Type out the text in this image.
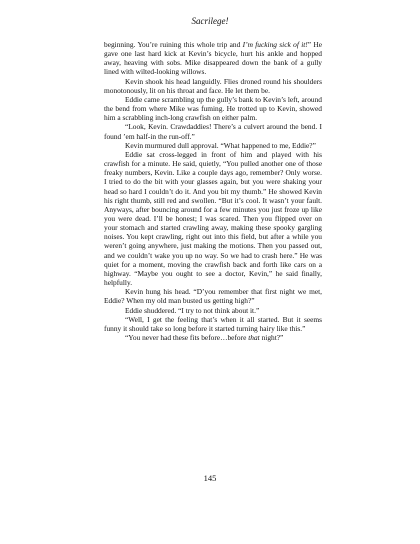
Sacrilege!

beginning. You’re ruining this whole trip and I’m fucking sick of it!” He gave one last hard kick at Kevin’s bicycle, hurt his ankle and hopped away, heaving with sobs. Mike disappeared down the bank of a gully lined with wilted-looking willows.

Kevin shook his head languidly. Flies droned round his shoulders monotonously, lit on his throat and face. He let them be.

Eddie came scrambling up the gully’s bank to Kevin’s left, around the bend from where Mike was fuming. He trotted up to Kevin, showed him a scrabbling inch-long crawfish on either palm.

“Look, Kevin. Crawdaddies! There’s a culvert around the bend. I found ’em half-in the run-off.”

Kevin murmured dull approval. “What happened to me, Eddie?”

Eddie sat cross-legged in front of him and played with his crawfish for a minute. He said, quietly, “You pulled another one of those freaky numbers, Kevin. Like a couple days ago, remember? Only worse. I tried to do the bit with your glasses again, but you were shaking your head so hard I couldn’t do it. And you bit my thumb.” He showed Kevin his right thumb, still red and swollen. “But it’s cool. It wasn’t your fault. Anyways, after bouncing around for a few minutes you just froze up like you were dead. I’ll be honest; I was scared. Then you flipped over on your stomach and started crawling away, making these spooky gargling noises. You kept crawling, right out into this field, but after a while you weren’t going anywhere, just making the motions. Then you passed out, and we couldn’t wake you up no way. So we had to crash here.” He was quiet for a moment, moving the crawfish back and forth like cars on a highway. “Maybe you ought to see a doctor, Kevin,” he said finally, helpfully.

Kevin hung his head. “D’you remember that first night we met, Eddie? When my old man busted us getting high?”

Eddie shuddered. “I try to not think about it.”

“Well, I get the feeling that’s when it all started. But it seems funny it should take so long before it started turning hairy like this.”

“You never had these fits before…before that night?”

145
